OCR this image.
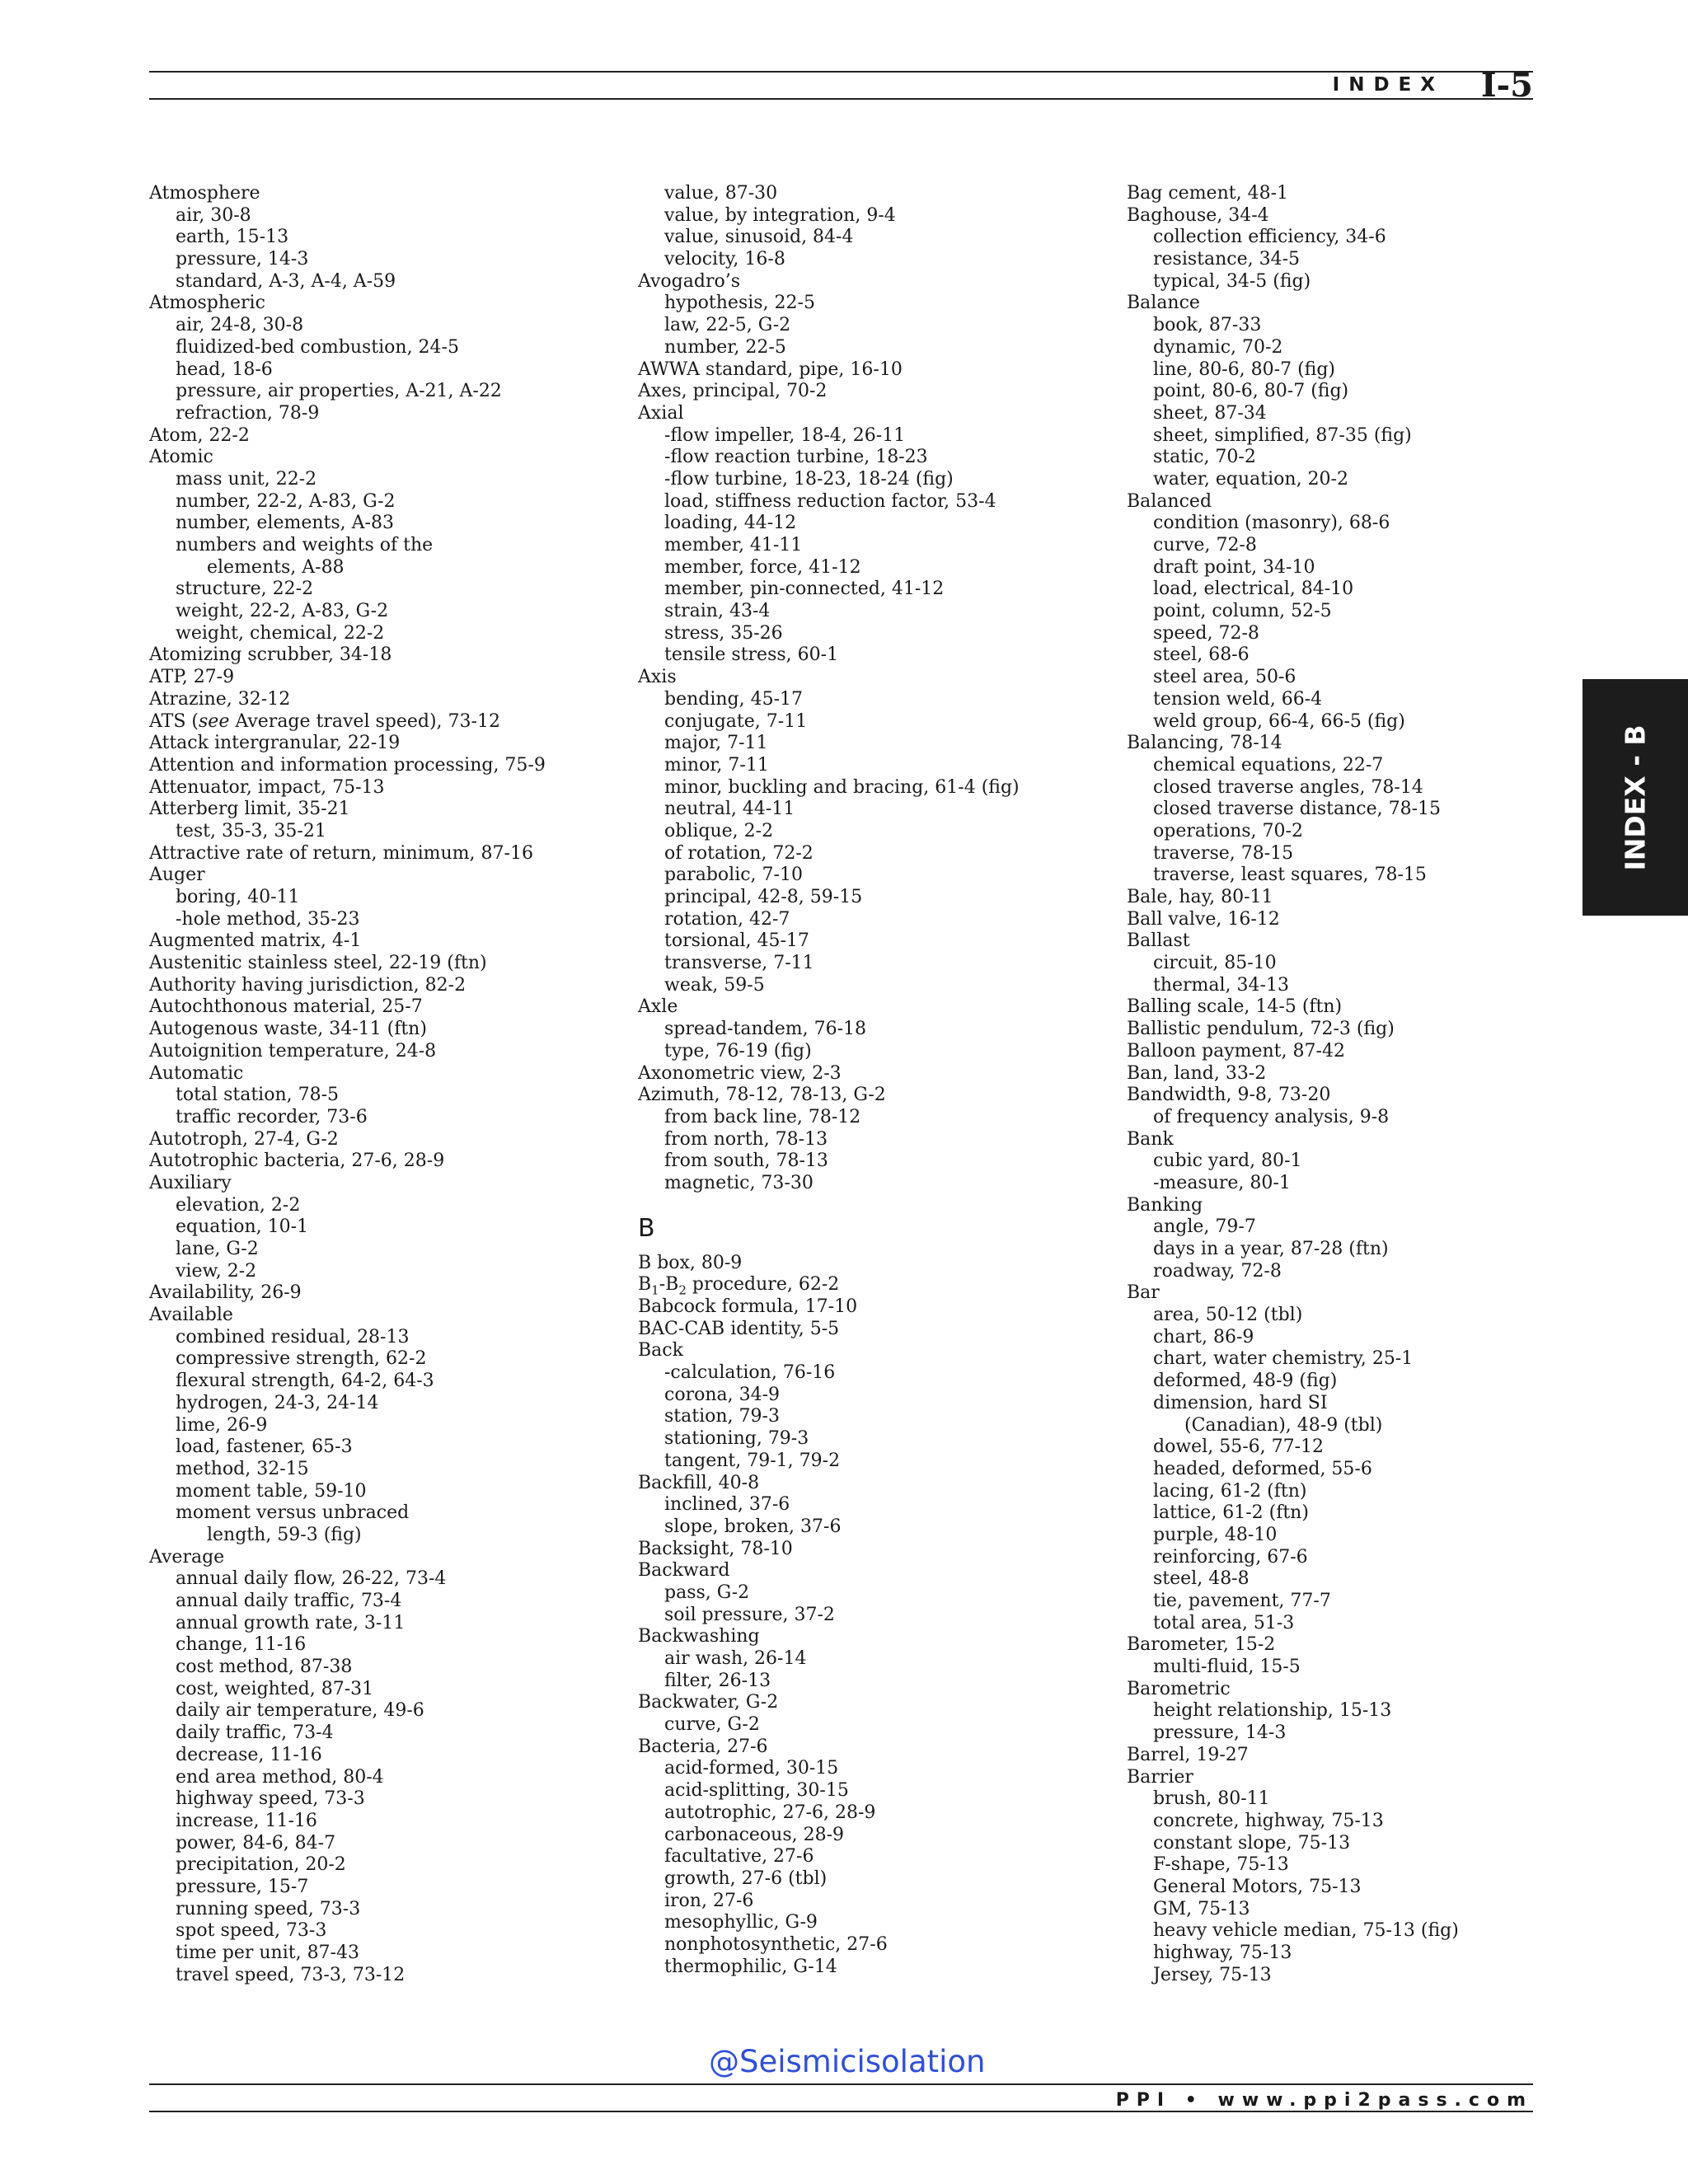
INDEX I-5
INDEX - B
Atmosphere
air, 30-8
earth, 15-13
pressure, 14-3
standard, A-3, A-4, A-59
Atmospheric
air, 24-8, 30-8
fluidized-bed combustion, 24-5
head, 18-6
pressure, air properties, A-21, A-22
refraction, 78-9
Atom, 22-2
Atomic
mass unit, 22-2
number, 22-2, A-83, G-2
number, elements, A-83
numbers and weights of the
elements, A-88
structure, 22-2
weight, 22-2, A-83, G-2
weight, chemical, 22-2
Atomizing scrubber, 34-18
ATP, 27-9
Atrazine, 32-12
ATS (see Average travel speed), 73-12
Attack intergranular, 22-19
Attention and information processing, 75-9
Attenuator, impact, 75-13
Atterberg limit, 35-21
test, 35-3, 35-21
Attractive rate of return, minimum, 87-16
Auger
boring, 40-11
-hole method, 35-23
Augmented matrix, 4-1
Austenitic stainless steel, 22-19 (ftn)
Authority having jurisdiction, 82-2
Autochthonous material, 25-7
Autogenous waste, 34-11 (ftn)
Autoignition temperature, 24-8
Automatic
total station, 78-5
traffic recorder, 73-6
Autotroph, 27-4, G-2
Autotrophic bacteria, 27-6, 28-9
Auxiliary
elevation, 2-2
equation, 10-1
lane, G-2
view, 2-2
Availability, 26-9
Available
combined residual, 28-13
compressive strength, 62-2
flexural strength, 64-2, 64-3
hydrogen, 24-3, 24-14
lime, 26-9
load, fastener, 65-3
method, 32-15
moment table, 59-10
moment versus unbraced
length, 59-3 (fig)
Average
annual daily flow, 26-22, 73-4
annual daily traffic, 73-4
annual growth rate, 3-11
change, 11-16
cost method, 87-38
cost, weighted, 87-31
daily air temperature, 49-6
daily traffic, 73-4
decrease, 11-16
end area method, 80-4
highway speed, 73-3
increase, 11-16
power, 84-6, 84-7
precipitation, 20-2
pressure, 15-7
running speed, 73-3
spot speed, 73-3
time per unit, 87-43
travel speed, 73-3, 73-12
value, 87-30
value, by integration, 9-4
value, sinusoid, 84-4
velocity, 16-8
Avogadro’s
hypothesis, 22-5
law, 22-5, G-2
number, 22-5
AWWA standard, pipe, 16-10
Axes, principal, 70-2
Axial
-flow impeller, 18-4, 26-11
-flow reaction turbine, 18-23
-flow turbine, 18-23, 18-24 (fig)
load, stiffness reduction factor, 53-4
loading, 44-12
member, 41-11
member, force, 41-12
member, pin-connected, 41-12
strain, 43-4
stress, 35-26
tensile stress, 60-1
Axis
bending, 45-17
conjugate, 7-11
major, 7-11
minor, 7-11
minor, buckling and bracing, 61-4 (fig)
neutral, 44-11
oblique, 2-2
of rotation, 72-2
parabolic, 7-10
principal, 42-8, 59-15
rotation, 42-7
torsional, 45-17
transverse, 7-11
weak, 59-5
Axle
spread-tandem, 76-18
type, 76-19 (fig)
Axonometric view, 2-3
Azimuth, 78-12, 78-13, G-2
from back line, 78-12
from north, 78-13
from south, 78-13
magnetic, 73-30
B
B box, 80-9
$B_1-B_2$ procedure, 62-2
Babcock formula, 17-10
BAC-CAB identity, 5-5
Back
-calculation, 76-16
corona, 34-9
station, 79-3
stationing, 79-3
tangent, 79-1, 79-2
Backfill, 40-8
inclined, 37-6
slope, broken, 37-6
Backsight, 78-10
Backward
pass, G-2
soil pressure, 37-2
Backwashing
air wash, 26-14
filter, 26-13
Backwater, G-2
curve, G-2
Bacteria, 27-6
acid-formed, 30-15
acid-splitting, 30-15
autotrophic, 27-6, 28-9
carbonaceous, 28-9
facultative, 27-6
growth, 27-6 (tbl)
iron, 27-6
mesophyllic, G-9
nonphotosynthetic, 27-6
thermophilic, G-14
Bag cement, 48-1
Baghouse, 34-4
collection efficiency, 34-6
resistance, 34-5
typical, 34-5 (fig)
Balance
book, 87-33
dynamic, 70-2
line, 80-6, 80-7 (fig)
point, 80-6, 80-7 (fig)
sheet, 87-34
sheet, simplified, 87-35 (fig)
static, 70-2
water, equation, 20-2
Balanced
condition (masonry), 68-6
curve, 72-8
draft point, 34-10
load, electrical, 84-10
point, column, 52-5
speed, 72-8
steel, 68-6
steel area, 50-6
tension weld, 66-4
weld group, 66-4, 66-5 (fig)
Balancing, 78-14
chemical equations, 22-7
closed traverse angles, 78-14
closed traverse distance, 78-15
operations, 70-2
traverse, 78-15
traverse, least squares, 78-15
Bale, hay, 80-11
Ball valve, 16-12
Ballast
circuit, 85-10
thermal, 34-13
Balling scale, 14-5 (ftn)
Ballistic pendulum, 72-3 (fig)
Balloon payment, 87-42
Ban, land, 33-2
Bandwidth, 9-8, 73-20
of frequency analysis, 9-8
Bank
cubic yard, 80-1
-measure, 80-1
Banking
angle, 79-7
days in a year, 87-28 (ftn)
roadway, 72-8
Bar
area, 50-12 (tbl)
chart, 86-9
chart, water chemistry, 25-1
deformed, 48-9 (fig)
dimension, hard SI
(Canadian), 48-9 (tbl)
dowel, 55-6, 77-12
headed, deformed, 55-6
lacing, 61-2 (ftn)
lattice, 61-2 (ftn)
purple, 48-10
reinforcing, 67-6
steel, 48-8
tie, pavement, 77-7
total area, 51-3
Barometer, 15-2
multi-fluid, 15-5
Barometric
height relationship, 15-13
pressure, 14-3
Barrel, 19-27
Barrier
brush, 80-11
concrete, highway, 75-13
constant slope, 75-13
F-shape, 75-13
General Motors, 75-13
GM, 75-13
heavy vehicle median, 75-13 (fig)
highway, 75-13
Jersey, 75-13
@Seismicisolation
PPI • www.ppi2pass.com
